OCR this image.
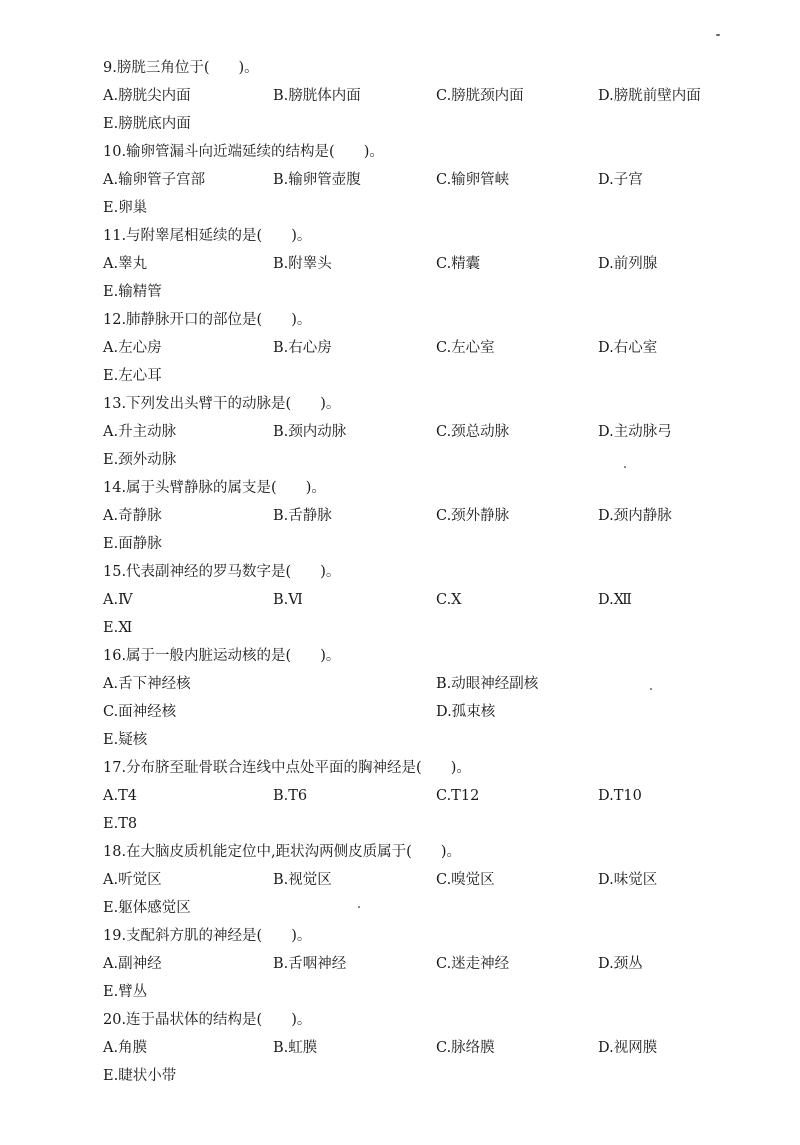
9.膀胱三角位于(　　)。
A.膀胱尖内面	B.膀胱体内面	C.膀胱颈内面	D.膀胱前壁内面
E.膀胱底内面
10.输卵管漏斗向近端延续的结构是(　　)。
A.输卵管子宫部	B.输卵管壶腹	C.输卵管峡	D.子宫
E.卵巢
11.与附睾尾相延续的是(　　)。
A.睾丸	B.附睾头	C.精囊	D.前列腺
E.输精管
12.肺静脉开口的部位是(　　)。
A.左心房	B.右心房	C.左心室	D.右心室
E.左心耳
13.下列发出头臂干的动脉是(　　)。
A.升主动脉	B.颈内动脉	C.颈总动脉	D.主动脉弓
E.颈外动脉
14.属于头臂静脉的属支是(　　)。
A.奇静脉	B.舌静脉	C.颈外静脉	D.颈内静脉
E.面静脉
15.代表副神经的罗马数字是(　　)。
A.Ⅳ	B.Ⅵ	C.Ⅹ	D.Ⅻ
E.Ⅺ
16.属于一般内脏运动核的是(　　)。
A.舌下神经核	B.动眼神经副核
C.面神经核	D.孤束核
E.疑核
17.分布脐至耻骨联合连线中点处平面的胸神经是(　　)。
A.T4	B.T6	C.T12	D.T10
E.T8
18.在大脑皮质机能定位中,距状沟两侧皮质属于(　　)。
A.听觉区	B.视觉区	C.嗅觉区	D.味觉区
E.躯体感觉区
19.支配斜方肌的神经是(　　)。
A.副神经	B.舌咽神经	C.迷走神经	D.颈丛
E.臂丛
20.连于晶状体的结构是(　　)。
A.角膜	B.虹膜	C.脉络膜	D.视网膜
E.睫状小带
